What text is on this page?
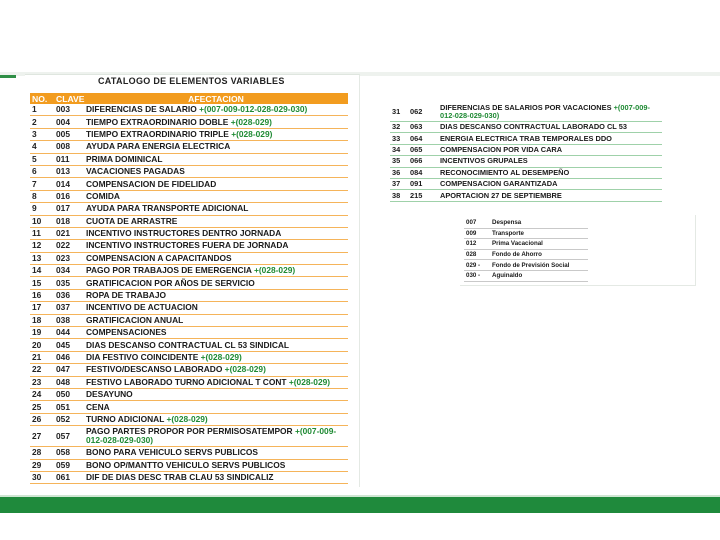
CATALOGO DE ELEMENTOS VARIABLES
NO.	CLAVE	AFECTACION
1	003	DIFERENCIAS DE SALARIO +(007-009-012-028-029-030)
2	004	TIEMPO EXTRAORDINARIO DOBLE +(028-029)
3	005	TIEMPO EXTRAORDINARIO TRIPLE +(028-029)
4	008	AYUDA PARA ENERGIA ELECTRICA
5	011	PRIMA DOMINICAL
6	013	VACACIONES PAGADAS
7	014	COMPENSACION DE FIDELIDAD
8	016	COMIDA
9	017	AYUDA PARA TRANSPORTE ADICIONAL
10	018	CUOTA DE ARRASTRE
11	021	INCENTIVO INSTRUCTORES DENTRO JORNADA
12	022	INCENTIVO INSTRUCTORES FUERA DE JORNADA
13	023	COMPENSACION A CAPACITANDOS
14	034	PAGO POR TRABAJOS DE EMERGENCIA +(028-029)
15	035	GRATIFICACION POR AÑOS DE SERVICIO
16	036	ROPA DE TRABAJO
17	037	INCENTIVO DE ACTUACION
18	038	GRATIFICACION ANUAL
19	044	COMPENSACIONES
20	045	DIAS DESCANSO CONTRACTUAL CL 53 SINDICAL
21	046	DIA FESTIVO COINCIDENTE +(028-029)
22	047	FESTIVO/DESCANSO LABORADO +(028-029)
23	048	FESTIVO LABORADO TURNO ADICIONAL T CONT +(028-029)
24	050	DESAYUNO
25	051	CENA
26	052	TURNO ADICIONAL +(028-029)
27	057	PAGO PARTES PROPOR POR PERMISOSATEMPOR +(007-009-012-028-029-030)
28	058	BONO PARA VEHICULO SERVS PUBLICOS
29	059	BONO OP/MANTTO VEHICULO SERVS PUBLICOS
30	061	DIF DE DIAS DESC TRAB CLAU 53 SINDICALIZ
31	062	DIFERENCIAS DE SALARIOS POR VACACIONES +(007-009-012-028-029-030)
32	063	DIAS DESCANSO CONTRACTUAL LABORADO CL 53
33	064	ENERGIA ELECTRICA TRAB TEMPORALES DDO
34	065	COMPENSACION POR VIDA CARA
35	066	INCENTIVOS GRUPALES
36	084	RECONOCIMIENTO AL DESEMPEÑO
37	091	COMPENSACION GARANTIZADA
38	215	APORTACION 27 DE SEPTIEMBRE
007	Despensa
009	Transporte
012	Prima Vacacional
028	Fondo de Ahorro
029 -	Fondo de Previsión Social
030 -	Aguinaldo
